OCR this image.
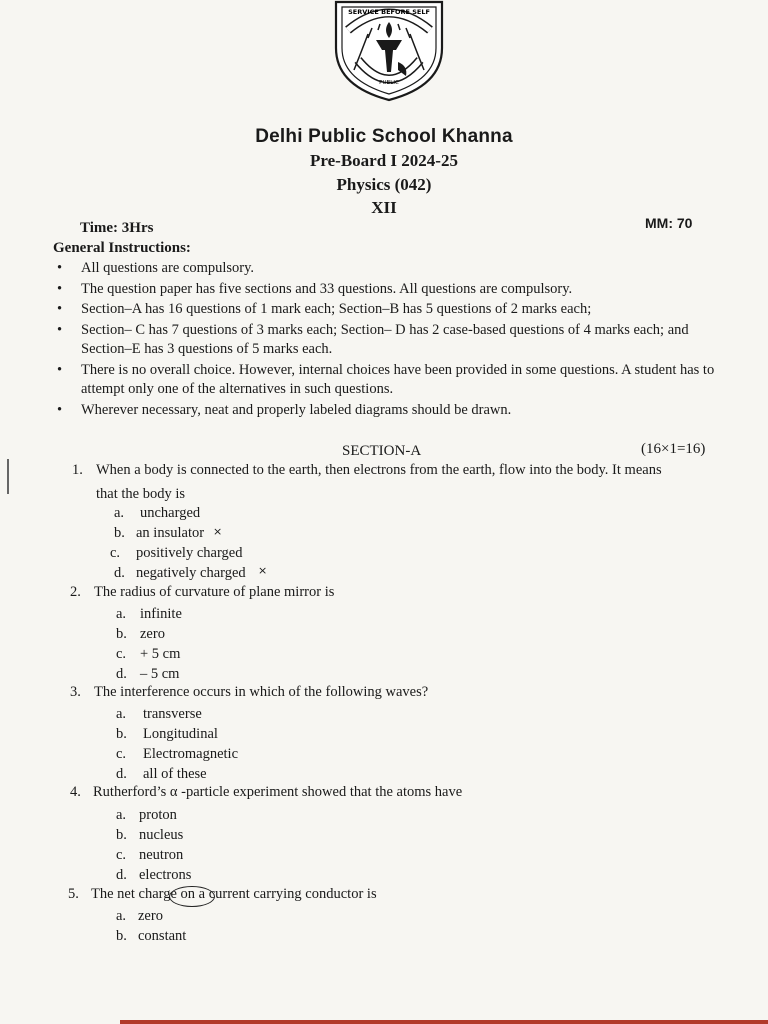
SERVICE BEFORE SELF
PUBLIC
Delhi Public School Khanna
Pre-Board I 2024-25
Physics (042)
XII
Time: 3Hrs	MM: 70
General Instructions:
• All questions are compulsory.
• The question paper has five sections and 33 questions. All questions are compulsory.
• Section–A has 16 questions of 1 mark each; Section–B has 5 questions of 2 marks each;
• Section– C has 7 questions of 3 marks each; Section– D has 2 case-based questions of 4 marks each; and Section–E has 3 questions of 5 marks each.
• There is no overall choice. However, internal choices have been provided in some questions. A student has to attempt only one of the alternatives in such questions.
• Wherever necessary, neat and properly labeled diagrams should be drawn.
SECTION-A	(16×1=16)
1. When a body is connected to the earth, then electrons from the earth, flow into the body. It means
that the body is
a. uncharged
b. an insulator ×
c. positively charged
d. negatively charged ×
2. The radius of curvature of plane mirror is
a. infinite
b. zero
c. + 5 cm
d. – 5 cm
3. The interference occurs in which of the following waves?
a. transverse
b. Longitudinal
c. Electromagnetic
d. all of these
4. Rutherford’s α -particle experiment showed that the atoms have
a. proton
b. nucleus
c. neutron
d. electrons
5. The net charge on a current carrying conductor is
a. zero
b. constant
